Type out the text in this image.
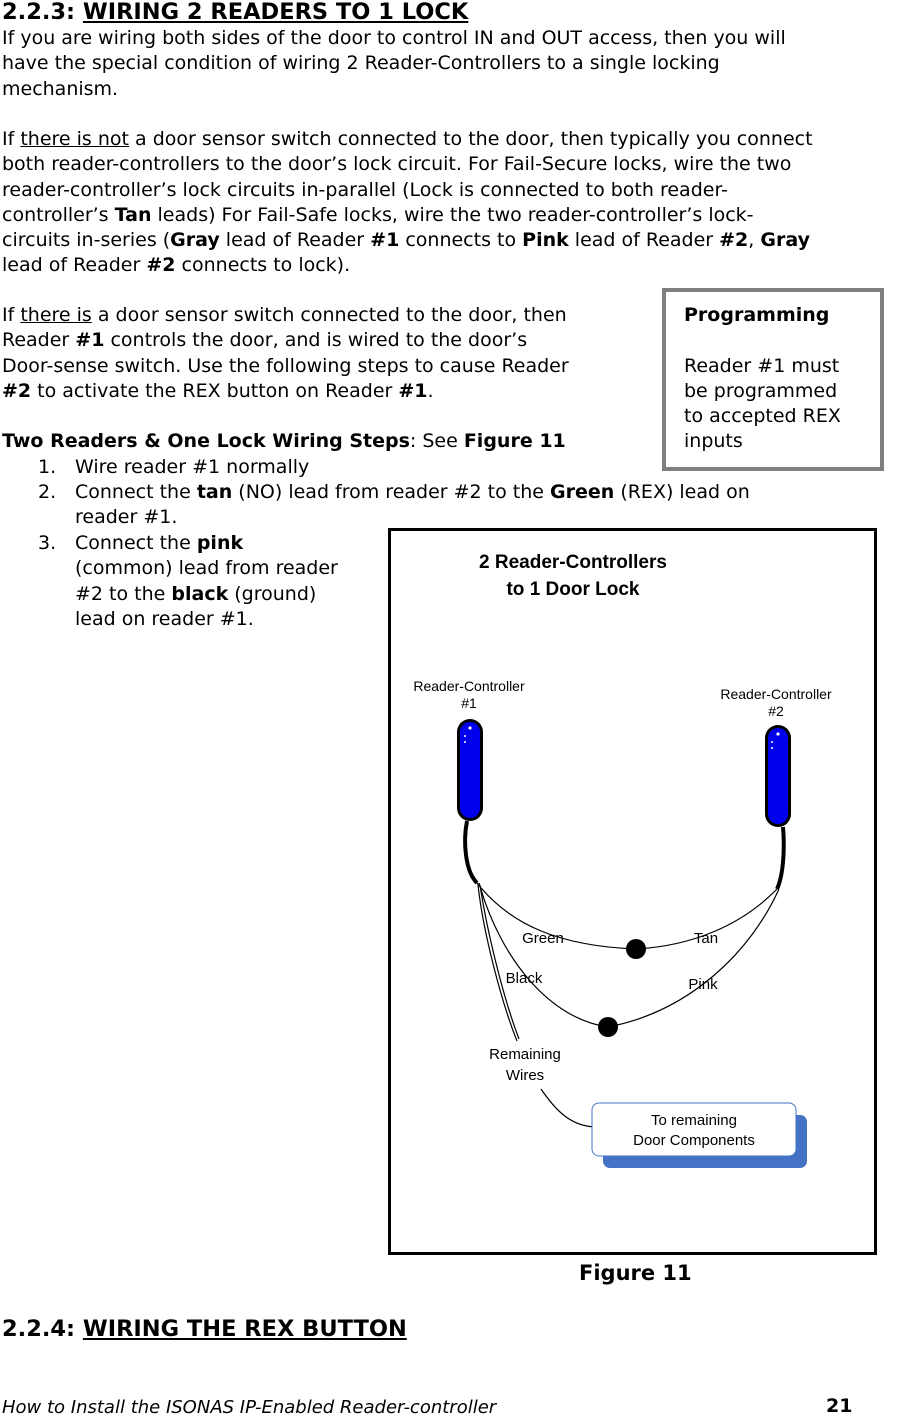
2.2.3: WIRING 2 READERS TO 1 LOCK

If you are wiring both sides of the door to control IN and OUT access, then you will

have the special condition of wiring 2 Reader-Controllers to a single locking

mechanism.

If there is not a door sensor switch connected to the door, then typically you connect

both reader-controllers to the door’s lock circuit. For Fail-Secure locks, wire the two

reader-controller’s lock circuits in-parallel (Lock is connected to both reader-

controller’s Tan leads) For Fail-Safe locks, wire the two reader-controller’s lock-

circuits in-series (Gray lead of Reader #1 connects to Pink lead of Reader #2, Gray

lead of Reader #2 connects to lock).

If there is a door sensor switch connected to the door, then

Reader #1 controls the door, and is wired to the door’s

Door-sense switch. Use the following steps to cause Reader

#2 to activate the REX button on Reader #1.

Programming

Reader #1 must

be programmed

to accepted REX

inputs

Two Readers & One Lock Wiring Steps: See Figure 11
1. Wire reader #1 normally
2. Connect the tan (NO) lead from reader #2 to the Green (REX) lead on

reader #1.

3. Connect the pink

(common) lead from reader

#2 to the black (ground)

lead on reader #1.

2 Reader-Controllers
to 1 Door Lock
Reader-Controller
#1
Reader-Controller
#2
Green	Tan
Black	Pink
Remaining
Wires
To remaining
Door Components
Figure 11
2.2.4: WIRING THE REX BUTTON
How to Install the ISONAS IP-Enabled Reader-controller	21
